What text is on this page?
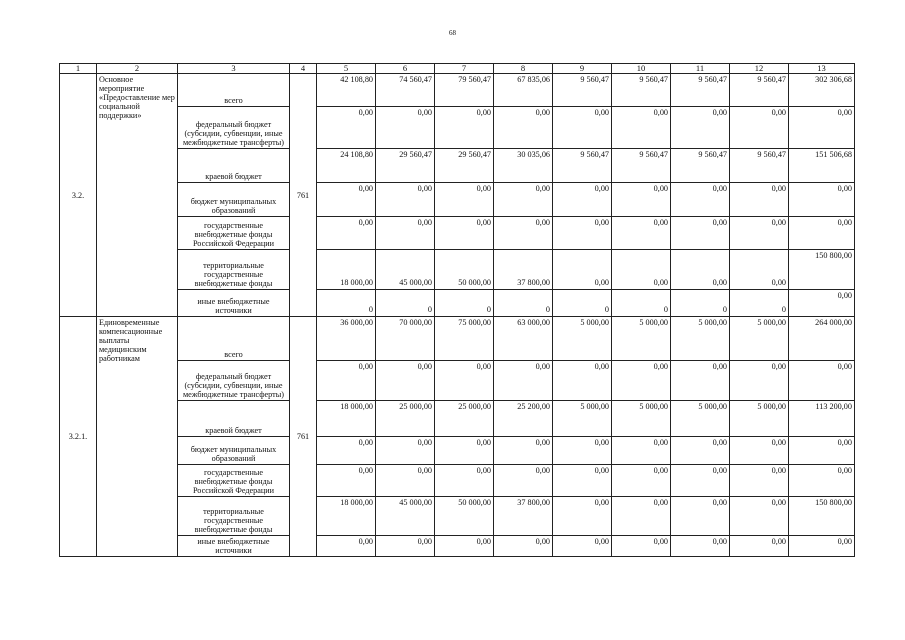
68
1	2	3	4	5	6	7	8	9	10	11	12	13
3.2.	Основное мероприятие «Предоставление мер социальной поддержки»	всего	761	42 108,80	74 560,47	79 560,47	67 835,06	9 560,47	9 560,47	9 560,47	9 560,47	302 306,68
		федеральный бюджет (субсидии, субвенции, иные межбюджетные трансферты)		0,00	0,00	0,00	0,00	0,00	0,00	0,00	0,00	0,00
		краевой бюджет		24 108,80	29 560,47	29 560,47	30 035,06	9 560,47	9 560,47	9 560,47	9 560,47	151 506,68
		бюджет муниципальных образований		0,00	0,00	0,00	0,00	0,00	0,00	0,00	0,00	0,00
		государственные внебюджетные фонды Российской Федерации		0,00	0,00	0,00	0,00	0,00	0,00	0,00	0,00	0,00
		территориальные государственные внебюджетные фонды		18 000,00	45 000,00	50 000,00	37 800,00	0,00	0,00	0,00	0,00	150 800,00
		иные внебюджетные источники		0	0	0	0	0	0	0	0	0,00
3.2.1.	Единовременные компенсационные выплаты медицинским работникам	всего	761	36 000,00	70 000,00	75 000,00	63 000,00	5 000,00	5 000,00	5 000,00	5 000,00	264 000,00
		федеральный бюджет (субсидии, субвенции, иные межбюджетные трансферты)		0,00	0,00	0,00	0,00	0,00	0,00	0,00	0,00	0,00
		краевой бюджет		18 000,00	25 000,00	25 000,00	25 200,00	5 000,00	5 000,00	5 000,00	5 000,00	113 200,00
		бюджет муниципальных образований		0,00	0,00	0,00	0,00	0,00	0,00	0,00	0,00	0,00
		государственные внебюджетные фонды Российской Федерации		0,00	0,00	0,00	0,00	0,00	0,00	0,00	0,00	0,00
		территориальные государственные внебюджетные фонды		18 000,00	45 000,00	50 000,00	37 800,00	0,00	0,00	0,00	0,00	150 800,00
		иные внебюджетные источники		0,00	0,00	0,00	0,00	0,00	0,00	0,00	0,00	0,00
